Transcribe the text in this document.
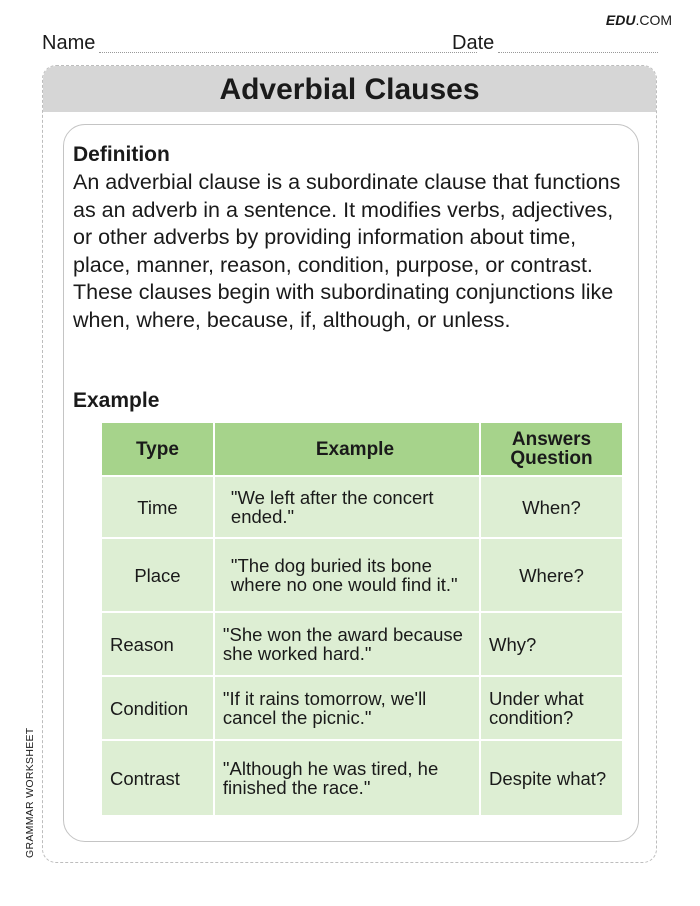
EDU.COM
Name	Date
Adverbial Clauses
Definition

An adverbial clause is a subordinate clause that functions as an adverb in a sentence. It modifies verbs, adjectives, or other adverbs by providing information about time, place, manner, reason, condition, purpose, or contrast. These clauses begin with subordinating conjunctions like when, where, because, if, although, or unless.

Example
Type	Example	Answers Question
Time	"We left after the concert ended."	When?
Place	"The dog buried its bone where no one would find it."	Where?
Reason	"She won the award because she worked hard."	Why?
Condition	"If it rains tomorrow, we'll cancel the picnic."	Under what condition?
Contrast	"Although he was tired, he finished the race."	Despite what?
GRAMMAR WORKSHEET
